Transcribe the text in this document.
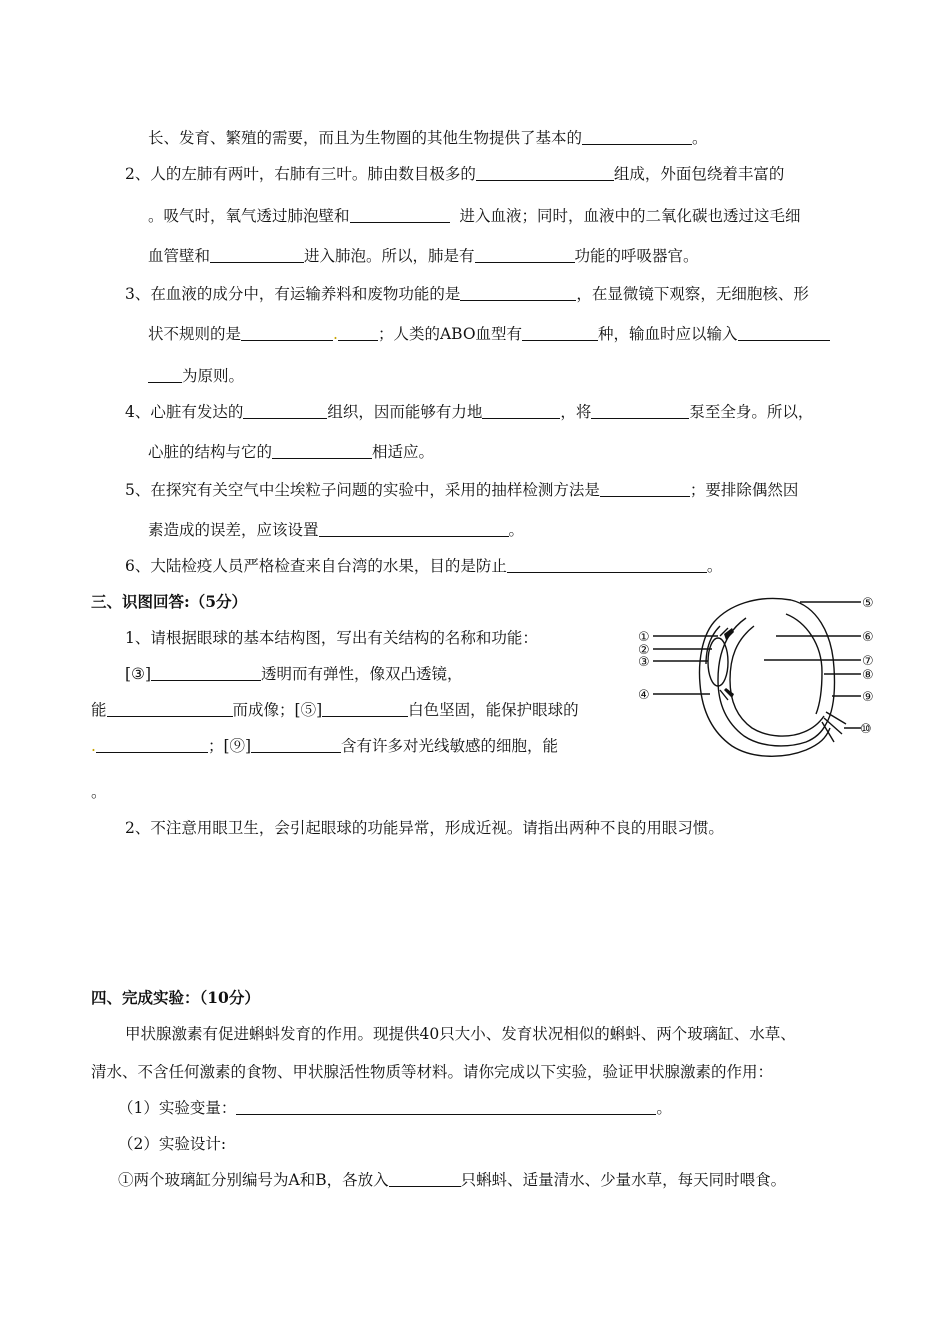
长、发育、繁殖的需要，而且为生物圈的其他生物提供了基本的	。
2、人的左肺有两叶，右肺有三叶。肺由数目极多的	组成，外面包绕着丰富的
。吸气时，氧气透过肺泡壁和	进入血液；同时，血液中的二氧化碳也透过这毛细
血管壁和	进入肺泡。所以，肺是有	功能的呼吸器官。
3、在血液的成分中，有运输养料和废物功能的是	，在显微镜下观察，无细胞核、形
状不规则的是	.	；人类的ABO血型有	种，输血时应以输入
为原则。
4、心脏有发达的	组织，因而能够有力地	，将	泵至全身。所以，
心脏的结构与它的	相适应。
5、在探究有关空气中尘埃粒子问题的实验中，采用的抽样检测方法是	；要排除偶然因
素造成的误差，应该设置	。
6、大陆检疫人员严格检查来自台湾的水果，目的是防止	。
三、识图回答:（5分）
1、请根据眼球的基本结构图，写出有关结构的名称和功能：
[③]	透明而有弹性，像双凸透镜，
能	而成像；[⑤]	白色坚固，能保护眼球的
.	；[⑨]	含有许多对光线敏感的细胞，能
。
2、不注意用眼卫生，会引起眼球的功能异常，形成近视。请指出两种不良的用眼习惯。
①
②
③
④
⑤
⑥
⑦
⑧
⑨
⑩
四、完成实验：（10分）
甲状腺激素有促进蝌蚪发育的作用。现提供40只大小、发育状况相似的蝌蚪、两个玻璃缸、水草、
清水、不含任何激素的食物、甲状腺活性物质等材料。请你完成以下实验，验证甲状腺激素的作用：
（1）实验变量：	。
（2）实验设计:
①两个玻璃缸分别编号为A和B，各放入	只蝌蚪、适量清水、少量水草，每天同时喂食。
